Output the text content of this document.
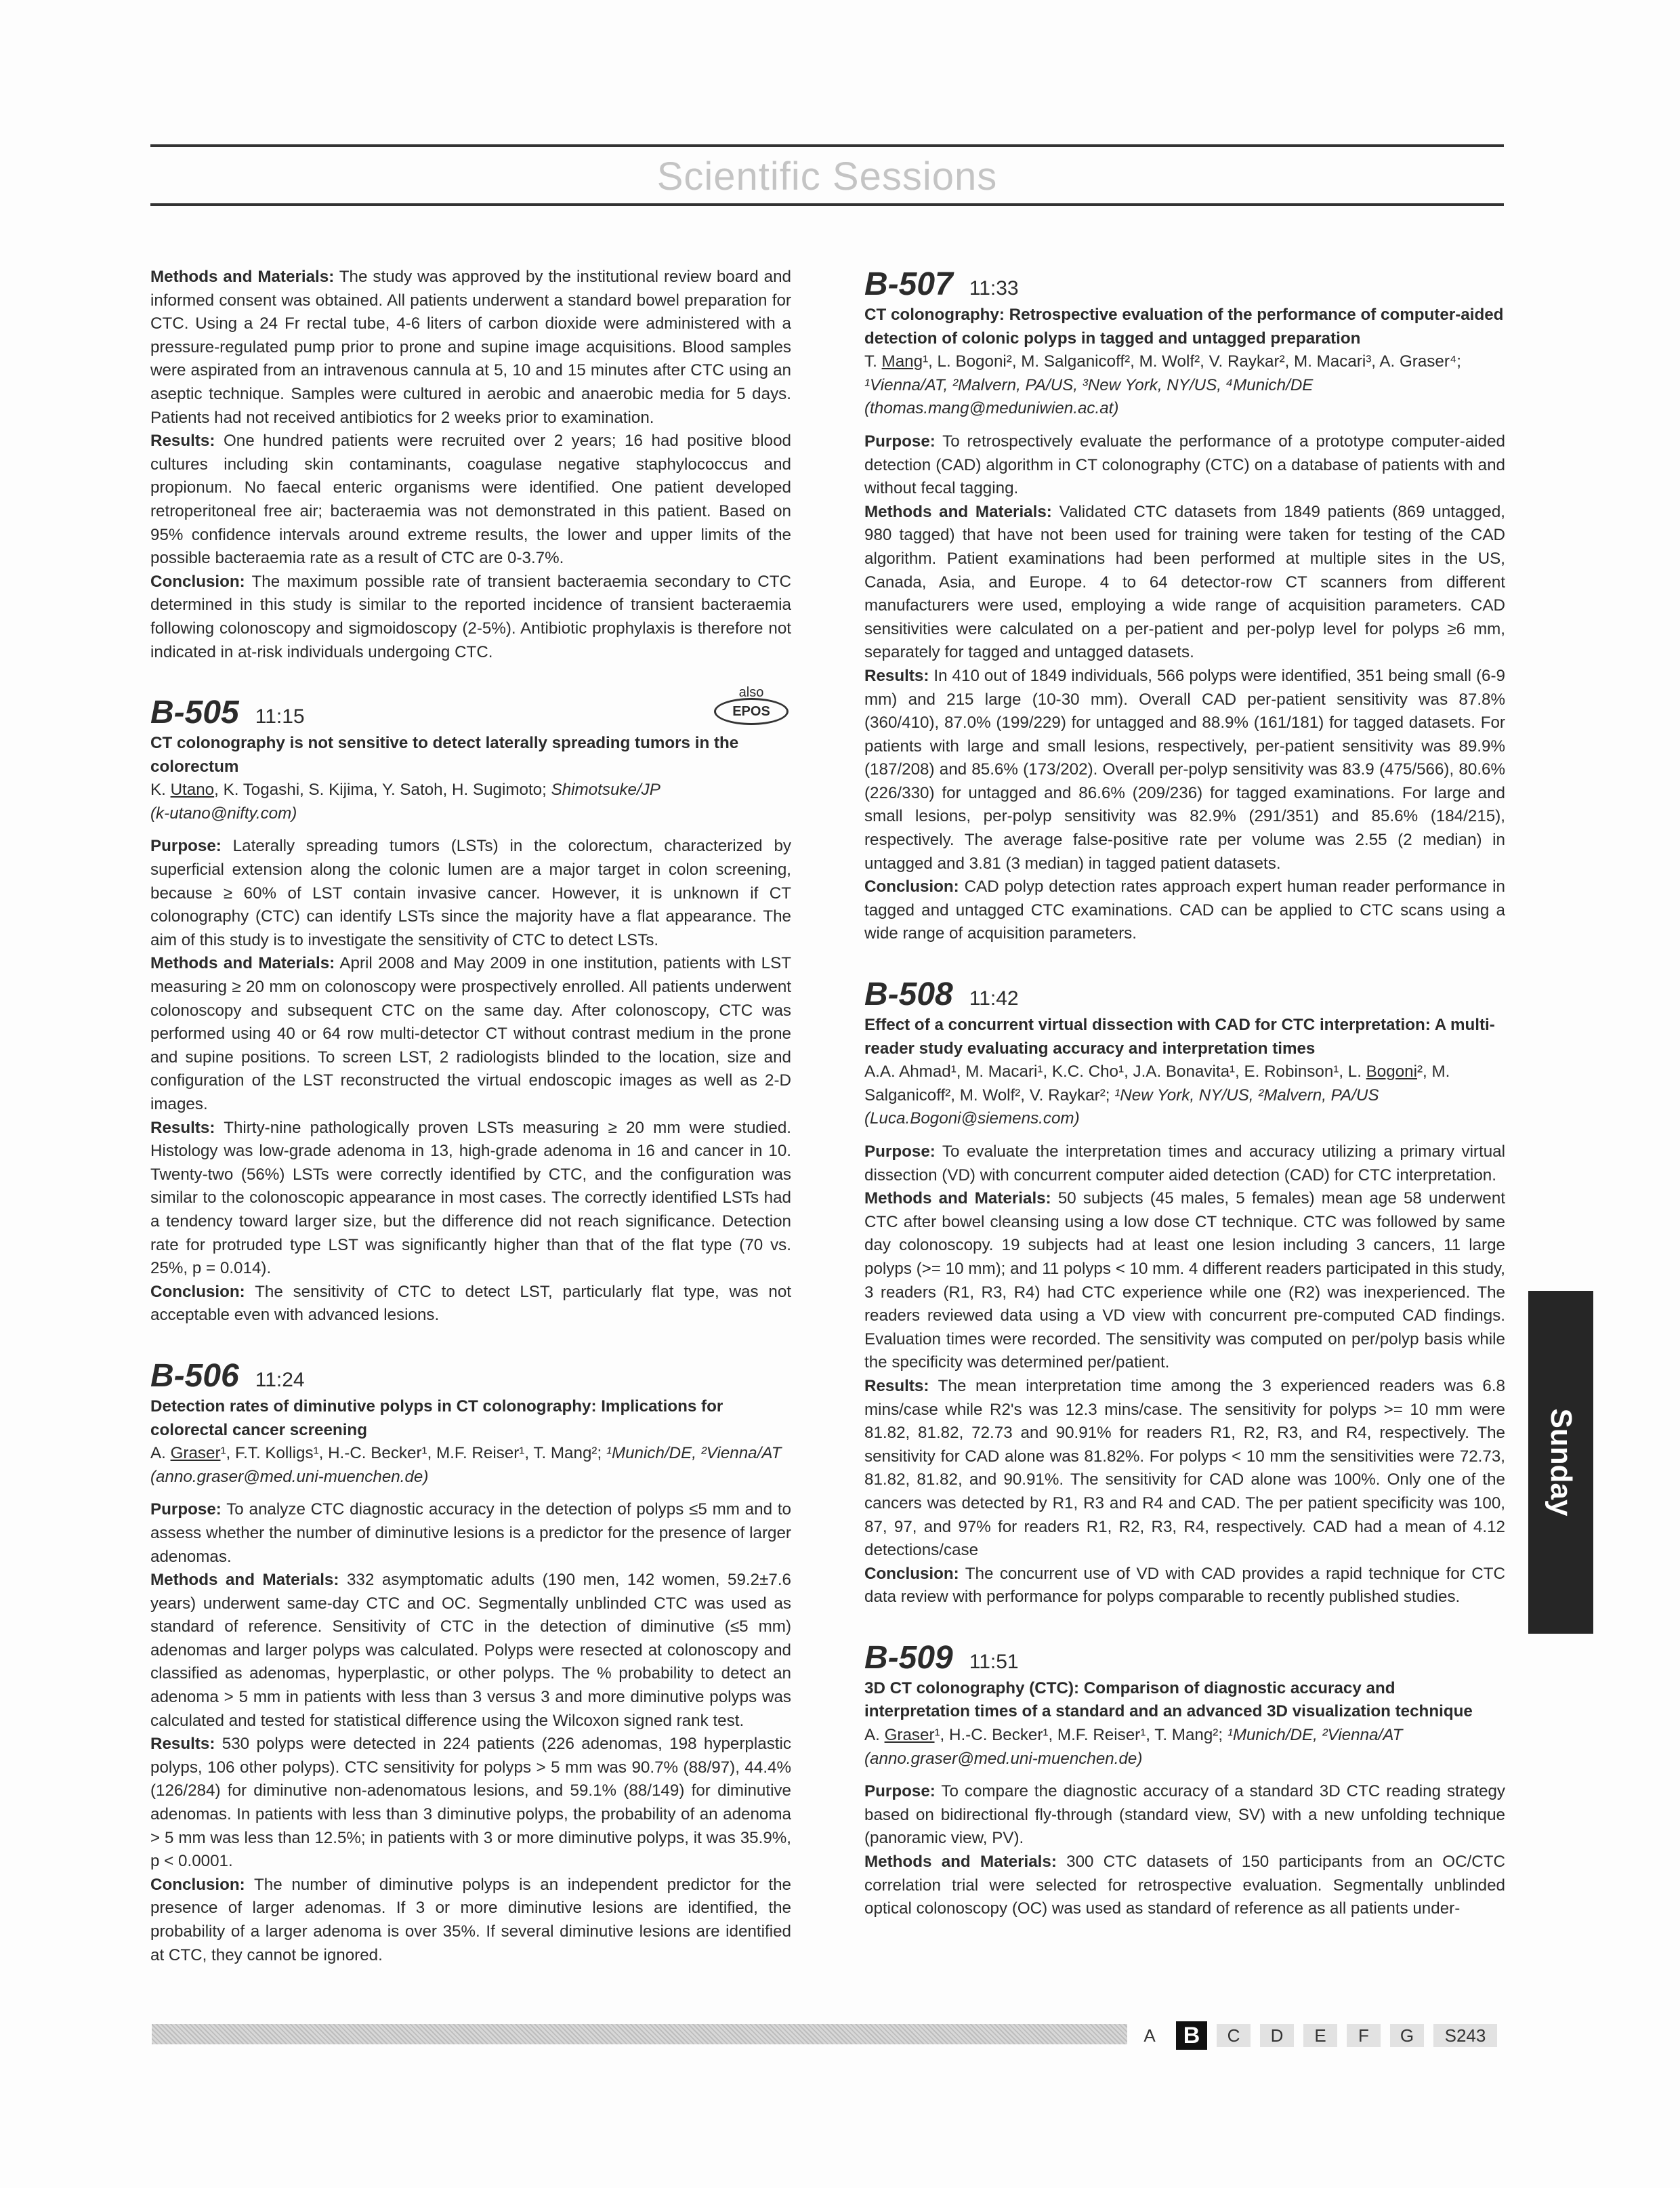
Scientific Sessions

Methods and Materials: The study was approved by the institutional review board and informed consent was obtained. All patients underwent a standard bowel preparation for CTC. Using a 24 Fr rectal tube, 4-6 liters of carbon dioxide were administered with a pressure-regulated pump prior to prone and supine image acquisitions. Blood samples were aspirated from an intravenous cannula at 5, 10 and 15 minutes after CTC using an aseptic technique. Samples were cultured in aerobic and anaerobic media for 5 days. Patients had not received antibiotics for 2 weeks prior to examination.

Results: One hundred patients were recruited over 2 years; 16 had positive blood cultures including skin contaminants, coagulase negative staphylococcus and propionum. No faecal enteric organisms were identified. One patient developed retroperitoneal free air; bacteraemia was not demonstrated in this patient. Based on 95% confidence intervals around extreme results, the lower and upper limits of the possible bacteraemia rate as a result of CTC are 0-3.7%.

Conclusion: The maximum possible rate of transient bacteraemia secondary to CTC determined in this study is similar to the reported incidence of transient bacteraemia following colonoscopy and sigmoidoscopy (2-5%). Antibiotic prophylaxis is therefore not indicated in at-risk individuals undergoing CTC.

also
EPOS
B-505 11:15

CT colonography is not sensitive to detect laterally spreading tumors in the colorectum

K. Utano, K. Togashi, S. Kijima, Y. Satoh, H. Sugimoto; Shimotsuke/JP
(k-utano@nifty.com)

Purpose: Laterally spreading tumors (LSTs) in the colorectum, characterized by superficial extension along the colonic lumen are a major target in colon screening, because ≥ 60% of LST contain invasive cancer. However, it is unknown if CT colonography (CTC) can identify LSTs since the majority have a flat appearance. The aim of this study is to investigate the sensitivity of CTC to detect LSTs.

Methods and Materials: April 2008 and May 2009 in one institution, patients with LST measuring ≥ 20 mm on colonoscopy were prospectively enrolled. All patients underwent colonoscopy and subsequent CTC on the same day. After colonoscopy, CTC was performed using 40 or 64 row multi-detector CT without contrast medium in the prone and supine positions. To screen LST, 2 radiologists blinded to the location, size and configuration of the LST reconstructed the virtual endoscopic images as well as 2-D images.

Results: Thirty-nine pathologically proven LSTs measuring ≥ 20 mm were studied. Histology was low-grade adenoma in 13, high-grade adenoma in 16 and cancer in 10. Twenty-two (56%) LSTs were correctly identified by CTC, and the configuration was similar to the colonoscopic appearance in most cases. The correctly identified LSTs had a tendency toward larger size, but the difference did not reach significance. Detection rate for protruded type LST was significantly higher than that of the flat type (70 vs. 25%, p = 0.014).

Conclusion: The sensitivity of CTC to detect LST, particularly flat type, was not acceptable even with advanced lesions.

B-506 11:24

Detection rates of diminutive polyps in CT colonography: Implications for colorectal cancer screening

A. Graser¹, F.T. Kolligs¹, H.-C. Becker¹, M.F. Reiser¹, T. Mang²; ¹Munich/DE, ²Vienna/AT
(anno.graser@med.uni-muenchen.de)

Purpose: To analyze CTC diagnostic accuracy in the detection of polyps ≤5 mm and to assess whether the number of diminutive lesions is a predictor for the presence of larger adenomas.

Methods and Materials: 332 asymptomatic adults (190 men, 142 women, 59.2±7.6 years) underwent same-day CTC and OC. Segmentally unblinded CTC was used as standard of reference. Sensitivity of CTC in the detection of diminutive (≤5 mm) adenomas and larger polyps was calculated. Polyps were resected at colonoscopy and classified as adenomas, hyperplastic, or other polyps. The % probability to detect an adenoma > 5 mm in patients with less than 3 versus 3 and more diminutive polyps was calculated and tested for statistical difference using the Wilcoxon signed rank test.

Results: 530 polyps were detected in 224 patients (226 adenomas, 198 hyperplastic polyps, 106 other polyps). CTC sensitivity for polyps > 5 mm was 90.7% (88/97), 44.4% (126/284) for diminutive non-adenomatous lesions, and 59.1% (88/149) for diminutive adenomas. In patients with less than 3 diminutive polyps, the probability of an adenoma > 5 mm was less than 12.5%; in patients with 3 or more diminutive polyps, it was 35.9%, p < 0.0001.

Conclusion: The number of diminutive polyps is an independent predictor for the presence of larger adenomas. If 3 or more diminutive lesions are identified, the probability of a larger adenoma is over 35%. If several diminutive lesions are identified at CTC, they cannot be ignored.

B-507 11:33

CT colonography: Retrospective evaluation of the performance of computer-aided detection of colonic polyps in tagged and untagged preparation

T. Mang¹, L. Bogoni², M. Salganicoff², M. Wolf², V. Raykar², M. Macari³, A. Graser⁴; ¹Vienna/AT, ²Malvern, PA/US, ³New York, NY/US, ⁴Munich/DE (thomas.mang@meduniwien.ac.at)

Purpose: To retrospectively evaluate the performance of a prototype computer-aided detection (CAD) algorithm in CT colonography (CTC) on a database of patients with and without fecal tagging.

Methods and Materials: Validated CTC datasets from 1849 patients (869 untagged, 980 tagged) that have not been used for training were taken for testing of the CAD algorithm. Patient examinations had been performed at multiple sites in the US, Canada, Asia, and Europe. 4 to 64 detector-row CT scanners from different manufacturers were used, employing a wide range of acquisition parameters. CAD sensitivities were calculated on a per-patient and per-polyp level for polyps ≥6 mm, separately for tagged and untagged datasets.

Results: In 410 out of 1849 individuals, 566 polyps were identified, 351 being small (6-9 mm) and 215 large (10-30 mm). Overall CAD per-patient sensitivity was 87.8% (360/410), 87.0% (199/229) for untagged and 88.9% (161/181) for tagged datasets. For patients with large and small lesions, respectively, per-patient sensitivity was 89.9% (187/208) and 85.6% (173/202). Overall per-polyp sensitivity was 83.9 (475/566), 80.6% (226/330) for untagged and 86.6% (209/236) for tagged examinations. For large and small lesions, per-polyp sensitivity was 82.9% (291/351) and 85.6% (184/215), respectively. The average false-positive rate per volume was 2.55 (2 median) in untagged and 3.81 (3 median) in tagged patient datasets.

Conclusion: CAD polyp detection rates approach expert human reader performance in tagged and untagged CTC examinations. CAD can be applied to CTC scans using a wide range of acquisition parameters.

B-508 11:42

Effect of a concurrent virtual dissection with CAD for CTC interpretation: A multi-reader study evaluating accuracy and interpretation times

A.A. Ahmad¹, M. Macari¹, K.C. Cho¹, J.A. Bonavita¹, E. Robinson¹, L. Bogoni², M. Salganicoff², M. Wolf², V. Raykar²; ¹New York, NY/US, ²Malvern, PA/US
(Luca.Bogoni@siemens.com)

Purpose: To evaluate the interpretation times and accuracy utilizing a primary virtual dissection (VD) with concurrent computer aided detection (CAD) for CTC interpretation.

Methods and Materials: 50 subjects (45 males, 5 females) mean age 58 underwent CTC after bowel cleansing using a low dose CT technique. CTC was followed by same day colonoscopy. 19 subjects had at least one lesion including 3 cancers, 11 large polyps (>= 10 mm); and 11 polyps < 10 mm. 4 different readers participated in this study, 3 readers (R1, R3, R4) had CTC experience while one (R2) was inexperienced. The readers reviewed data using a VD view with concurrent pre-computed CAD findings. Evaluation times were recorded. The sensitivity was computed on per/polyp basis while the specificity was determined per/patient.

Results: The mean interpretation time among the 3 experienced readers was 6.8 mins/case while R2's was 12.3 mins/case. The sensitivity for polyps >= 10 mm were 81.82, 81.82, 72.73 and 90.91% for readers R1, R2, R3, and R4, respectively. The sensitivity for CAD alone was 81.82%. For polyps < 10 mm the sensitivities were 72.73, 81.82, 81.82, and 90.91%. The sensitivity for CAD alone was 100%. Only one of the cancers was detected by R1, R3 and R4 and CAD. The per patient specificity was 100, 87, 97, and 97% for readers R1, R2, R3, R4, respectively. CAD had a mean of 4.12 detections/case

Conclusion: The concurrent use of VD with CAD provides a rapid technique for CTC data review with performance for polyps comparable to recently published studies.

B-509 11:51

3D CT colonography (CTC): Comparison of diagnostic accuracy and interpretation times of a standard and an advanced 3D visualization technique

A. Graser¹, H.-C. Becker¹, M.F. Reiser¹, T. Mang²; ¹Munich/DE, ²Vienna/AT
(anno.graser@med.uni-muenchen.de)

Purpose: To compare the diagnostic accuracy of a standard 3D CTC reading strategy based on bidirectional fly-through (standard view, SV) with a new unfolding technique (panoramic view, PV).

Methods and Materials: 300 CTC datasets of 150 participants from an OC/CTC correlation trial were selected for retrospective evaluation. Segmentally unblinded optical colonoscopy (OC) was used as standard of reference as all patients under-

Sunday
A	B	C	D	E	F	G	S243
